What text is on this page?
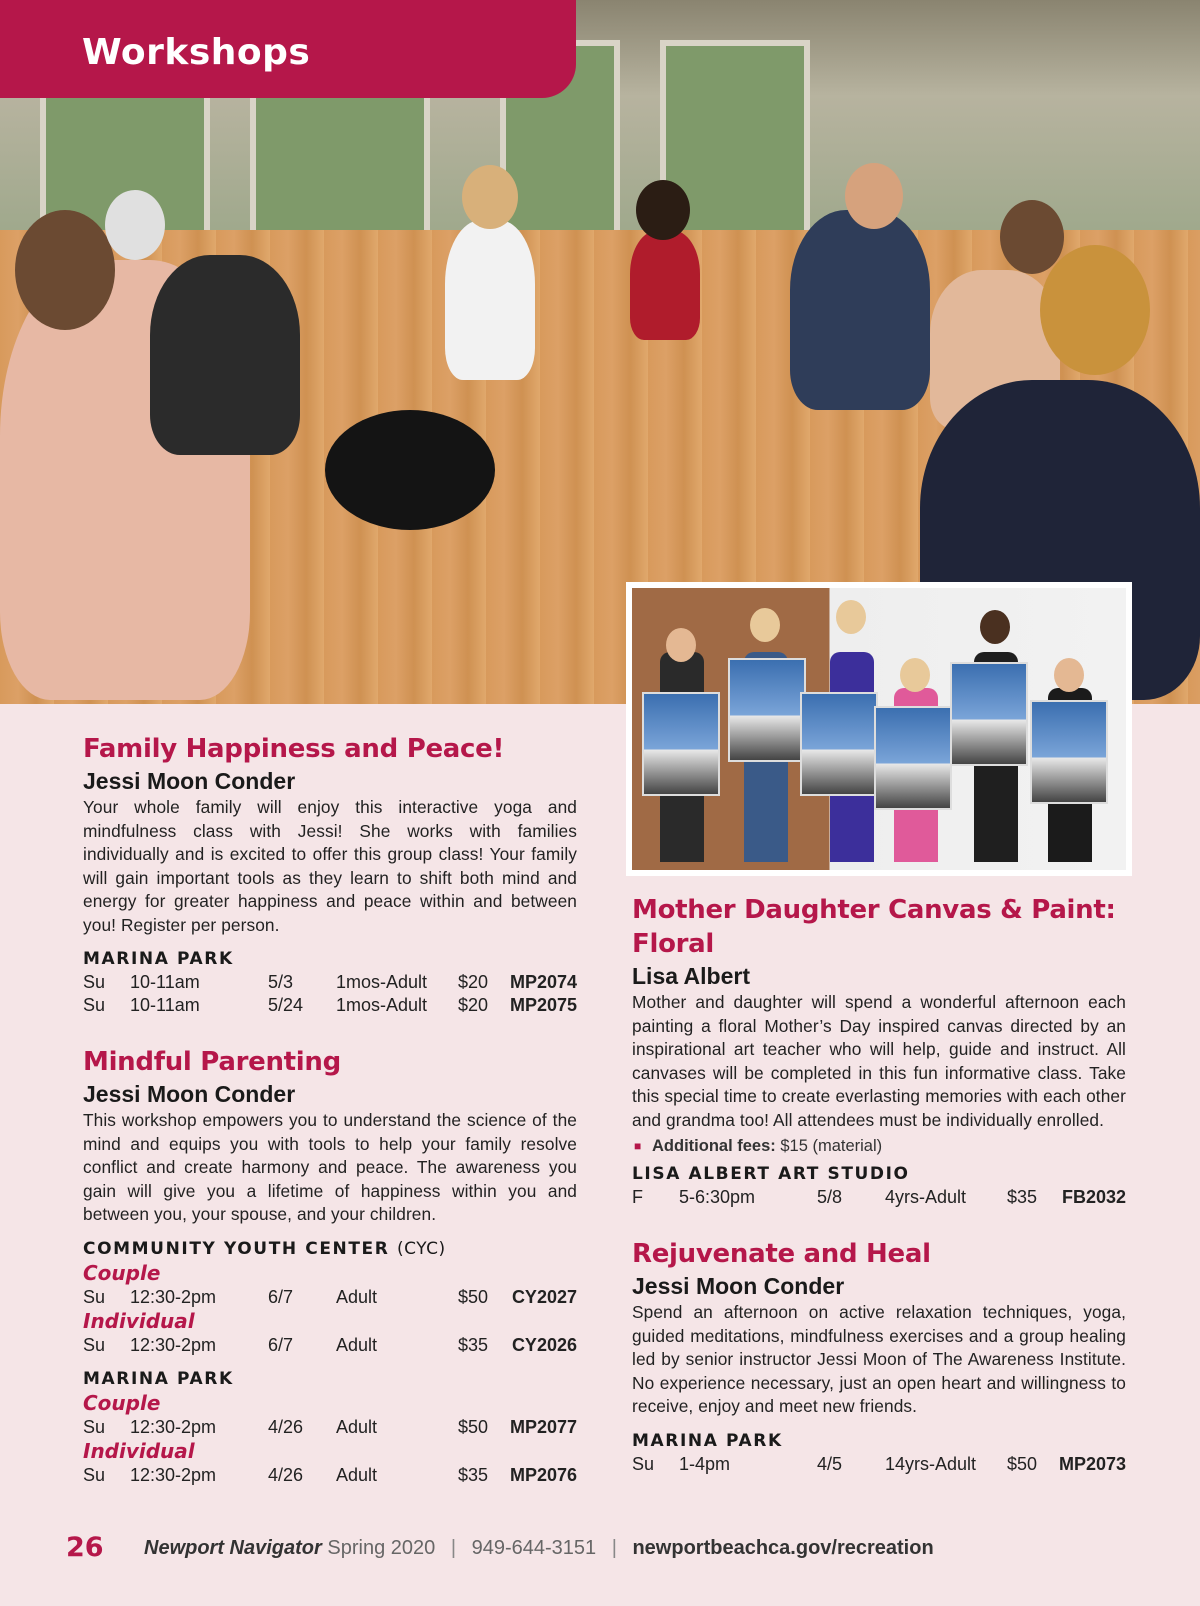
Workshops
Family Happiness and Peace!
Jessi Moon Conder
Your whole family will enjoy this interactive yoga and mindfulness class with Jessi! She works with families individually and is excited to offer this group class! Your family will gain important tools as they learn to shift both mind and energy for greater happiness and peace within and between you! Register per person.
MARINA PARK
Su 10-11am	5/3 1mos-Adult $20 MP2074
Su 10-11am	5/24 1mos-Adult $20 MP2075
Mindful Parenting
Jessi Moon Conder
This workshop empowers you to understand the science of the mind and equips you with tools to help your family resolve conflict and create harmony and peace. The awareness you gain will give you a lifetime of happiness within you and between you, your spouse, and your children.
COMMUNITY YOUTH CENTER (CYC)
Couple
Su 12:30-2pm	6/7 Adult	$50 CY2027
Individual
Su 12:30-2pm	6/7 Adult	$35 CY2026
MARINA PARK
Couple
Su 12:30-2pm	4/26 Adult	$50 MP2077
Individual
Su 12:30-2pm	4/26 Adult	$35 MP2076
Mother Daughter Canvas & Paint:
Floral
Lisa Albert
Mother and daughter will spend a wonderful afternoon each painting a floral Mother’s Day inspired canvas directed by an inspirational art teacher who will help, guide and instruct. All canvases will be completed in this fun informative class. Take this special time to create everlasting memories with each other and grandma too! All attendees must be individually enrolled.
■ Additional fees: $15 (material)
LISA ALBERT ART STUDIO
F 5-6:30pm	5/8 4yrs-Adult $35 FB2032
Rejuvenate and Heal
Jessi Moon Conder
Spend an afternoon on active relaxation techniques, yoga, guided meditations, mindfulness exercises and a group healing led by senior instructor Jessi Moon of The Awareness Institute. No experience necessary, just an open heart and willingness to receive, enjoy and meet new friends.
MARINA PARK
Su 1-4pm	4/5 14yrs-Adult $50 MP2073
26 Newport Navigator Spring 2020 | 949-644-3151 | newportbeachca.gov/recreation
